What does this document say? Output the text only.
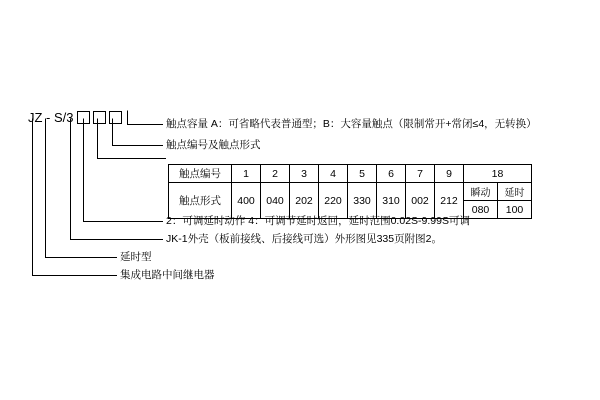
JZ - S/3	触点容量 A：可省略代表普通型；B：大容量触点（限制常开+常闭≤4，无转换）
触点编号及触点形式
2：可调延时动作 4：可调节延时返回，延时范围0.02S-9.99S可调
JK-1外壳（板前接线、后接线可选）外形图见335页附图2。
延时型
集成电路中间继电器
触点编号	1	2	3	4	5	6	7	9	18	
触点形式	400	040	202	220	330	310	002	212	瞬动	延时
									080	100
